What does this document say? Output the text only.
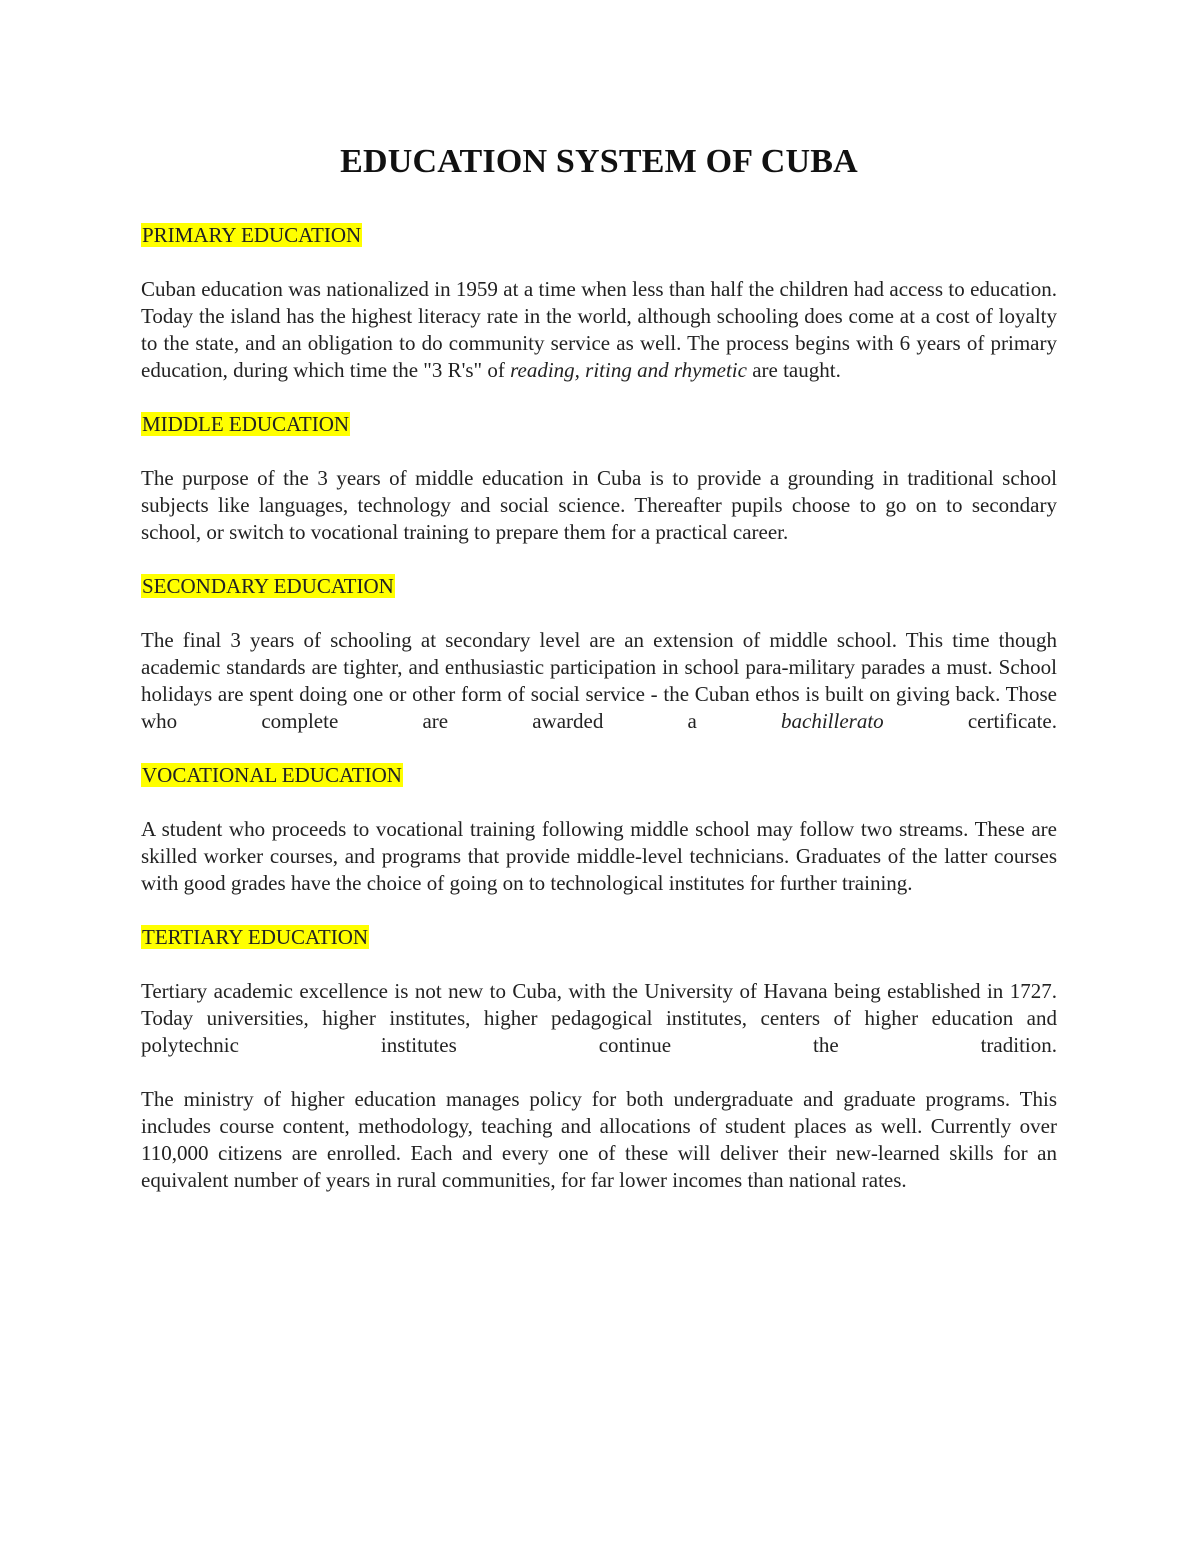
EDUCATION SYSTEM OF CUBA
PRIMARY EDUCATION

Cuban education was nationalized in 1959 at a time when less than half the children had access to education. Today the island has the highest literacy rate in the world, although schooling does come at a cost of loyalty to the state, and an obligation to do community service as well. The process begins with 6 years of primary education, during which time the "3 R's" of reading, riting and rhymetic are taught.

MIDDLE EDUCATION

The purpose of the 3 years of middle education in Cuba is to provide a grounding in traditional school subjects like languages, technology and social science. Thereafter pupils choose to go on to secondary school, or switch to vocational training to prepare them for a practical career.

SECONDARY EDUCATION

The final 3 years of schooling at secondary level are an extension of middle school. This time though academic standards are tighter, and enthusiastic participation in school para-military parades a must. School holidays are spent doing one or other form of social service - the Cuban ethos is built on giving back. Those who complete are awarded a bachillerato certificate.

VOCATIONAL EDUCATION

A student who proceeds to vocational training following middle school may follow two streams. These are skilled worker courses, and programs that provide middle-level technicians. Graduates of the latter courses with good grades have the choice of going on to technological institutes for further training.

TERTIARY EDUCATION

Tertiary academic excellence is not new to Cuba, with the University of Havana being established in 1727. Today universities, higher institutes, higher pedagogical institutes, centers of higher education and polytechnic institutes continue the tradition.

The ministry of higher education manages policy for both undergraduate and graduate programs. This includes course content, methodology, teaching and allocations of student places as well. Currently over 110,000 citizens are enrolled. Each and every one of these will deliver their new-learned skills for an equivalent number of years in rural communities, for far lower incomes than national rates.
